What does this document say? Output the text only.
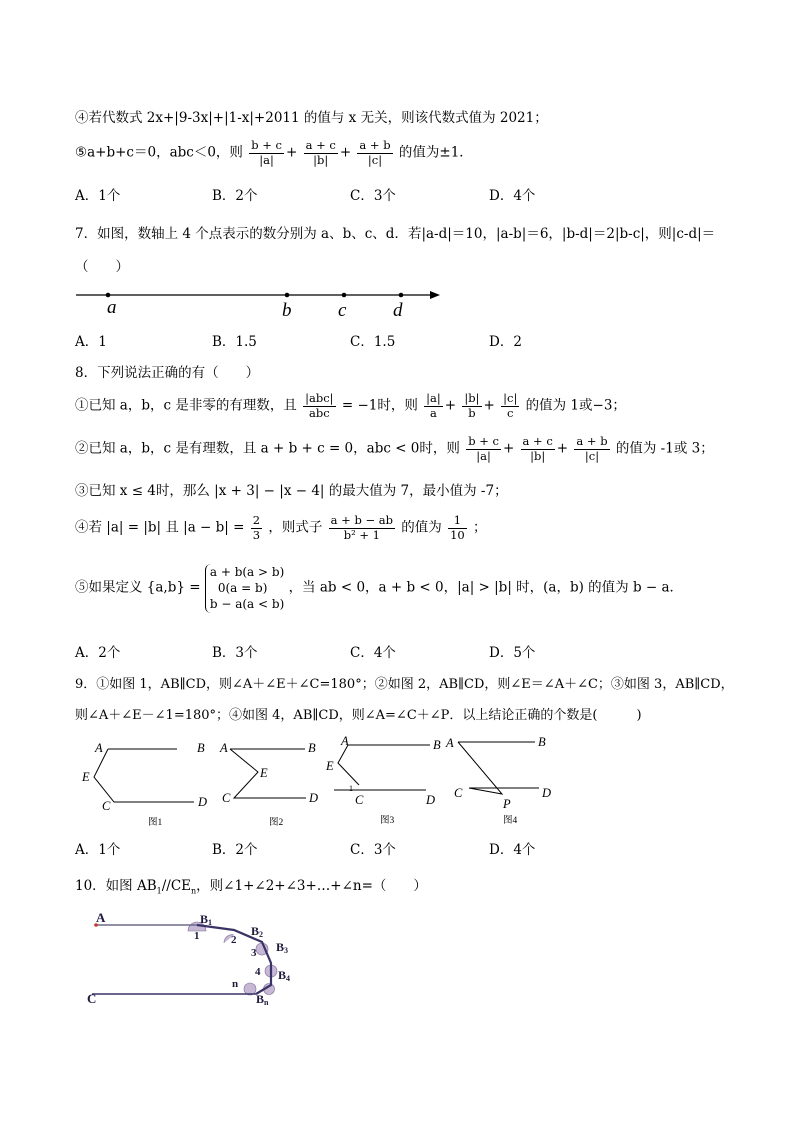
④若代数式 2x+|9-3x|+|1-x|+2011 的值与 x 无关，则该代数式值为 2021；
⑤a+b+c＝0，abc＜0，则 $\frac{b + c}{|a|} + \frac{a + c}{|b|} + \frac{a + b}{|c|}$ 的值为±1．
A．1个	B．2个	C．3个	D．4个
7．如图，数轴上 4 个点表示的数分别为 a、b、c、d．若|a-d|＝10，|a-b|＝6，|b-d|＝2|b-c|，则|c-d|＝
（　　）
a	b c d
A．1	B．1.5	C．1.5	D．2
8．下列说法正确的有（　　）
①已知 a，b，c 是非零的有理数，且 $\frac{\text{|abc|}}{\text{abc}} = -1$时，则 $\frac{|a|}{a} + \frac{|b|}{b} + \frac{|c|}{c}$ 的值为 1或−3；
②已知 a，b，c 是有理数，且 a + b + c = 0，abc < 0时，则 $\frac{b + c}{|a|} + \frac{a + c}{|b|} + \frac{a + b}{|c|}$ 的值为 -1或 3；
③已知 x ≤ 4时，那么 |x + 3| − |x − 4| 的最大值为 7，最小值为 -7；
④若 |a| = |b| 且 $|a - b| = \frac{2}{3}$ ，则式子 $\frac{a + b - ab}{\text{b² + 1}}$ 的值为 $\frac{1}{10}$ ；
⑤如果定义 {a,b} =
a + b(a > b)
0(a = b)
b − a(a < b)
，当 ab < 0，a + b < 0，|a| > |b| 时，(a，b) 的值为 b − a．
A．2个	B．3个	C．4个	D．5个
9．①如图 1，AB∥CD，则∠A＋∠E＋∠C=180°；②如图 2，AB∥CD，则∠E＝∠A＋∠C；③如图 3，AB∥CD，
则∠A＋∠E－∠1=180°；④如图 4，AB∥CD，则∠A=∠C＋∠P．以上结论正确的个数是(　　　)
A	B
E
C	D
图1
A	B
E
C	D
图2
A	B
E
1
C	D
图3
A	B
C	D
P
图4
A．1个	B．2个	C．3个	D．4个
10．如图 $AB_1//CE_n$，则∠1+∠2+∠3+…+∠n=（　　）
A	B1
B2
B3
B4
Bn
C
1	2
3
4
n
